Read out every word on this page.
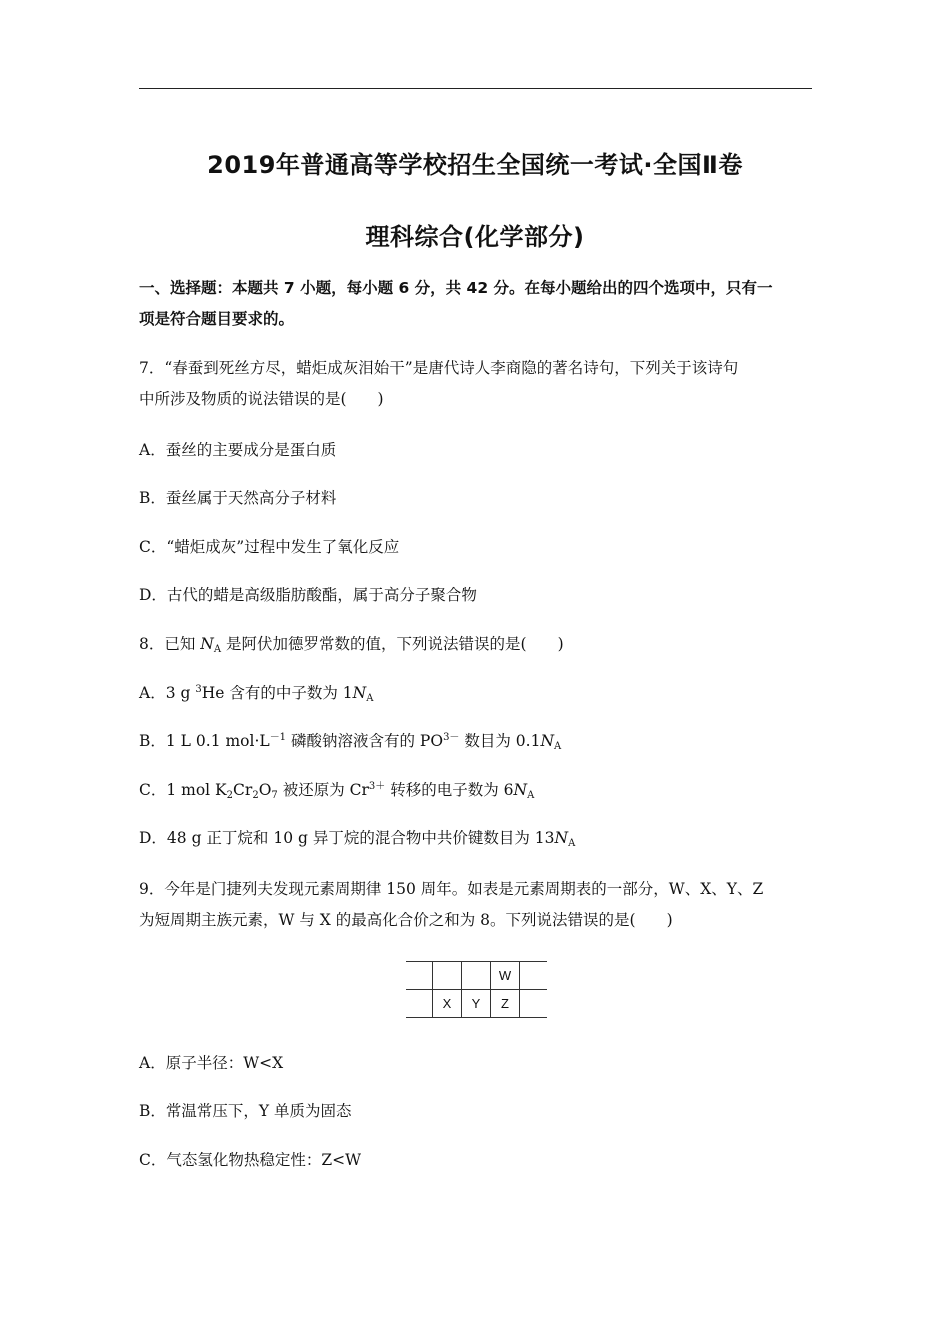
2019年普通高等学校招生全国统一考试·全国Ⅱ卷
理科综合(化学部分)
一、选择题：本题共 7 小题，每小题 6 分，共 42 分。在每小题给出的四个选项中，只有一
项是符合题目要求的。
7．“春蚕到死丝方尽，蜡炬成灰泪始干”是唐代诗人李商隐的著名诗句，下列关于该诗句
中所涉及物质的说法错误的是(　　)
A．蚕丝的主要成分是蛋白质
B．蚕丝属于天然高分子材料
C．“蜡炬成灰”过程中发生了氧化反应
D．古代的蜡是高级脂肪酸酯，属于高分子聚合物
8．已知 $N_A$ 是阿伏加德罗常数的值，下列说法错误的是(　　)
A．3 g $^3$He 含有的中子数为 $1N_A$
B．1 L 0.1 $mol\cdot L^{-1}$ 磷酸钠溶液含有的 $PO^{3-}$ 数目为 $0.1N_A$
C．1 mol $K_2Cr_2O_7$ 被还原为 $Cr^{3+}$ 转移的电子数为 $6N_A$
D．48 g 正丁烷和 10 g 异丁烷的混合物中共价键数目为 $13N_A$
9．今年是门捷列夫发现元素周期律 150 周年。如表是元素周期表的一部分，W、X、Y、Z
为短周期主族元素，W 与 X 的最高化合价之和为 8。下列说法错误的是(　　)
			W	
	X	Y	Z	
A．原子半径：W<X
B．常温常压下，Y 单质为固态
C．气态氢化物热稳定性：Z<W
